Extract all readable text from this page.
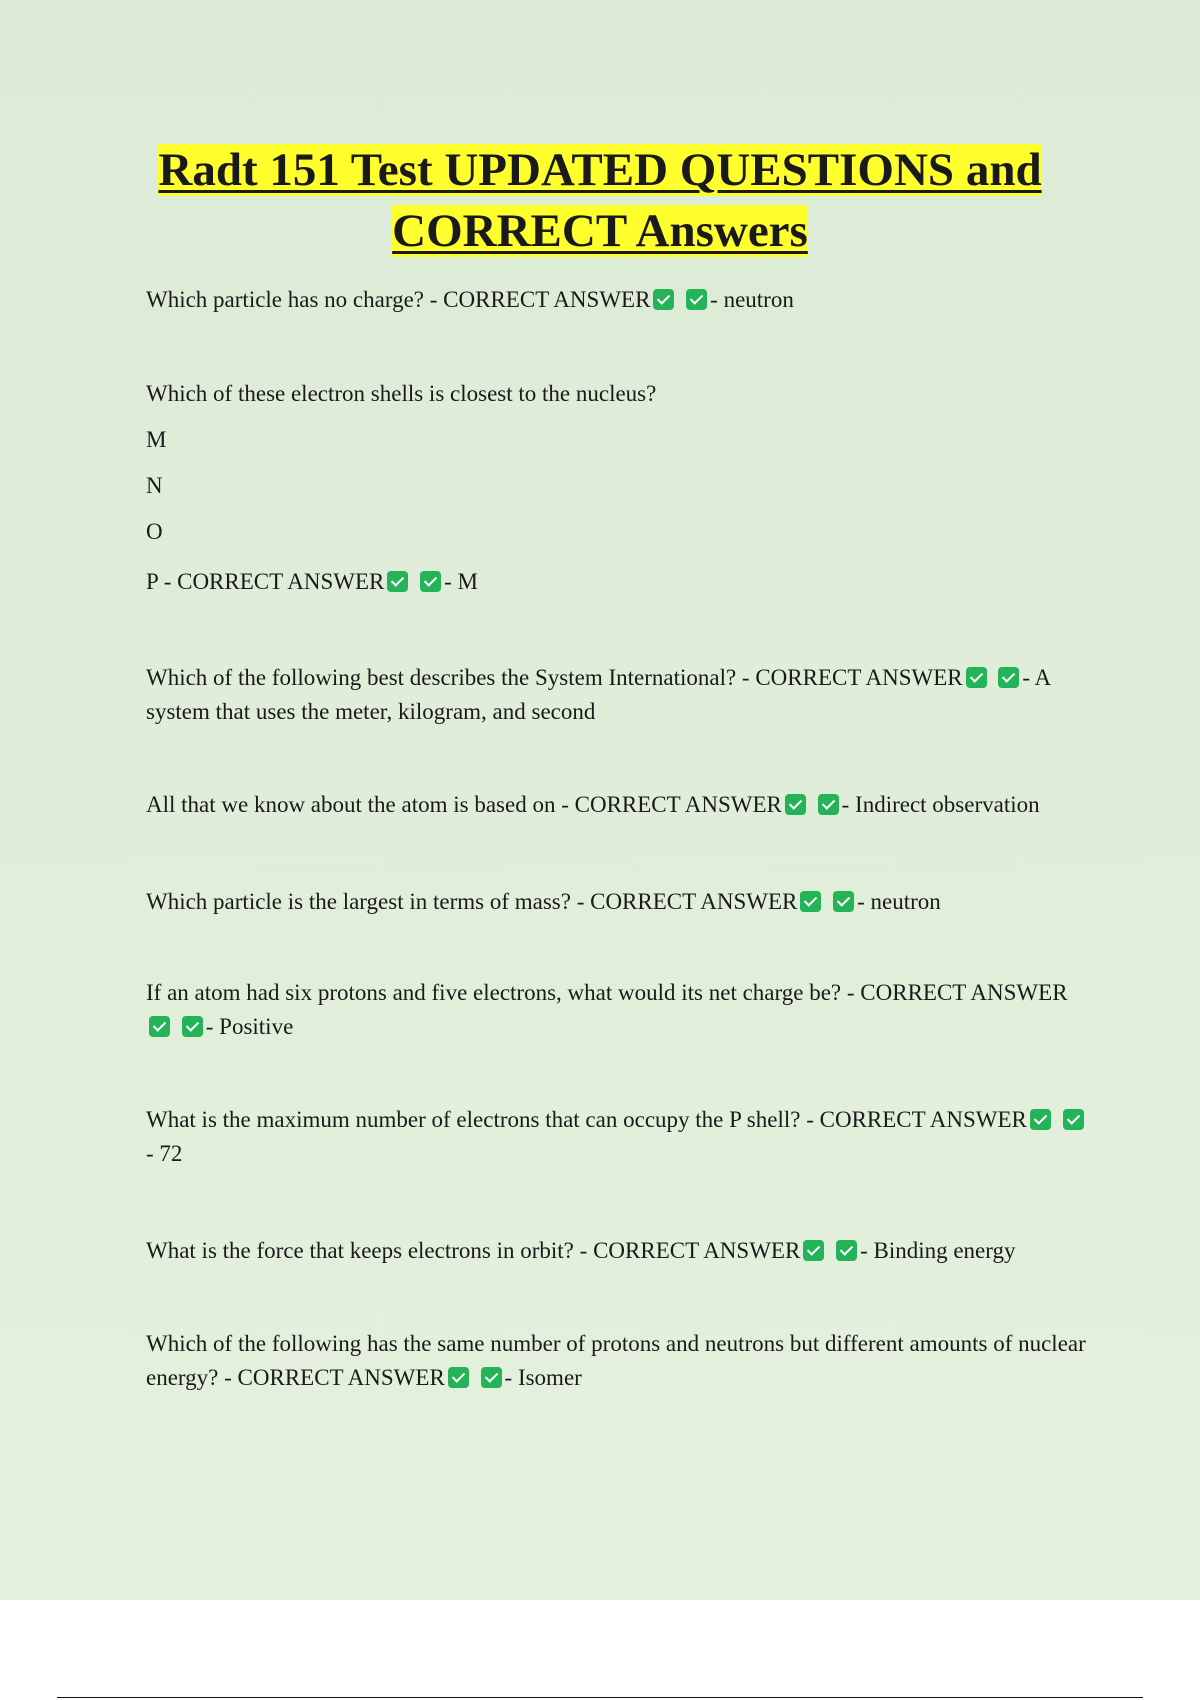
Radt 151 Test UPDATED QUESTIONS and CORRECT Answers

Which particle has no charge? - CORRECT ANSWER	- neutron

Which of these electron shells is closest to the nucleus?

M

N

O

P - CORRECT ANSWER	- M

Which of the following best describes the System International? - CORRECT ANSWER	- A system that uses the meter, kilogram, and second

All that we know about the atom is based on - CORRECT ANSWER	- Indirect observation

Which particle is the largest in terms of mass? - CORRECT ANSWER	- neutron

If an atom had six protons and five electrons, what would its net charge be? - CORRECT ANSWER - Positive

What is the maximum number of electrons that can occupy the P shell? - CORRECT ANSWER - 72

What is the force that keeps electrons in orbit? - CORRECT ANSWER	- Binding energy

Which of the following has the same number of protons and neutrons but different amounts of nuclear energy? - CORRECT ANSWER	- Isomer
